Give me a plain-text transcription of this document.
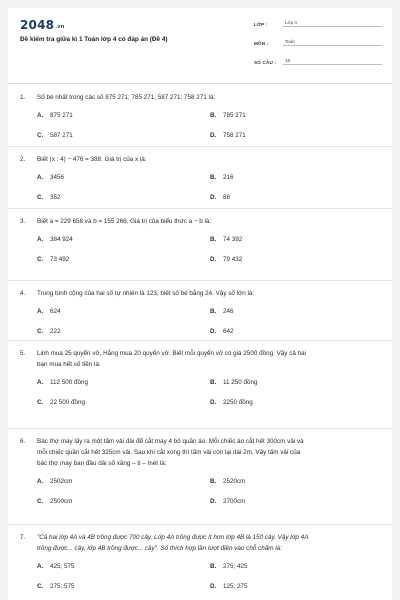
2048.vn
Đề kiểm tra giữa kì 1 Toán lớp 4 có đáp án (Đề 4)
LỚP :	Lớp 4
MÔN :	Toán
SỐ CÂU :	19
1.	Số bé nhất trong các số 875 271; 785 271; 587 271; 758 271 là:
A.	875 271	B.	785 271
C.	587 271	D.	758 271
2.	Biết (x : 4) − 476 = 388. Giá trị của x là:
A.	3456	B.	216
C.	352	D.	88
3.	Biết a = 229 658 và b = 155 266. Giá trị của biểu thức a − b là:
A.	384 924	B.	74 392
C.	73 492	D.	79 432
4.	Trung bình cộng của hai số tự nhiên là 123, biết số bé bằng 24. Vậy số lớn là:
A.	624	B.	246
C.	222	D.	642
5.	Linh mua 25 quyển vở, Hằng mua 20 quyển vở. Biết mỗi quyển vở có giá 2500 đồng. Vậy cả hai
bạn mua hết số tiền là:
A.	112 500 đồng	B.	11 250 đồng
C.	22 500 đồng	D.	2250 đồng
6.	Bác thợ may lấy ra một tấm vải dài để cắt may 4 bộ quần áo. Mỗi chiếc áo cắt hết 300cm vải và
mỗi chiếc quần cắt hết 325cm vải. Sau khi cắt xong thì tấm vải còn lại dài 2m. Vậy tấm vải của
bác thợ may ban đầu dài số xăng – ti – mét là:
A.	2502cm	B.	2520cm
C.	2500cm	D.	2700cm
7.	"Cả hai lớp 4A và 4B trồng được 700 cây. Lớp 4A trồng được ít hơn lớp 4B là 150 cây. Vậy lớp 4A
trồng được... cây, lớp 4B trồng được... cây". Số thích hợp lần lượt điền vào chỗ chấm là:
A.	425; 575	B.	275; 425
C.	275; 575	D.	125; 275
